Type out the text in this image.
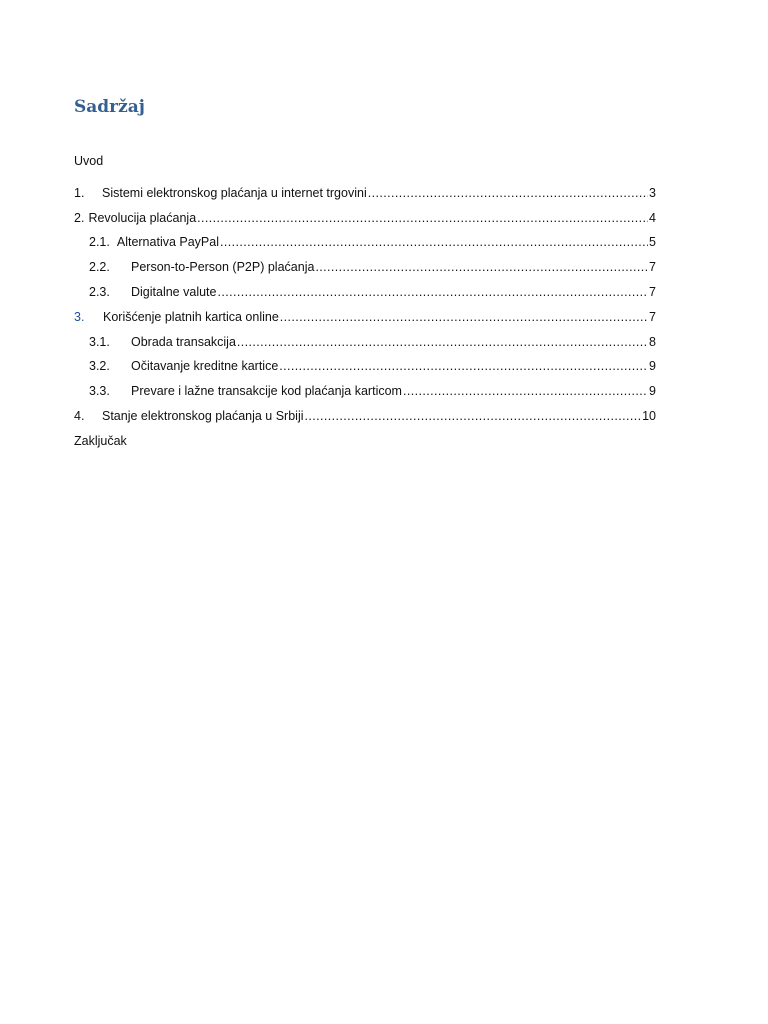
Sadržaj
Uvod
1.	Sistemi elektronskog plaćanja u internet trgovini .....	3
2. Revolucija plaćanja .....	4
2.1. Alternativa PayPal .....	5
2.2.	Person-to-Person (P2P) plaćanja .....	7
2.3.	Digitalne valute .....	7
3.	Korišćenje platnih kartica online .....	7
3.1.	Obrada transakcija .....	8
3.2.	Očitavanje kreditne kartice .....	9
3.3.	Prevare i lažne transakcije kod plaćanja karticom .....	9
4.	Stanje elektronskog plaćanja u Srbiji .....	10
Zaključak
